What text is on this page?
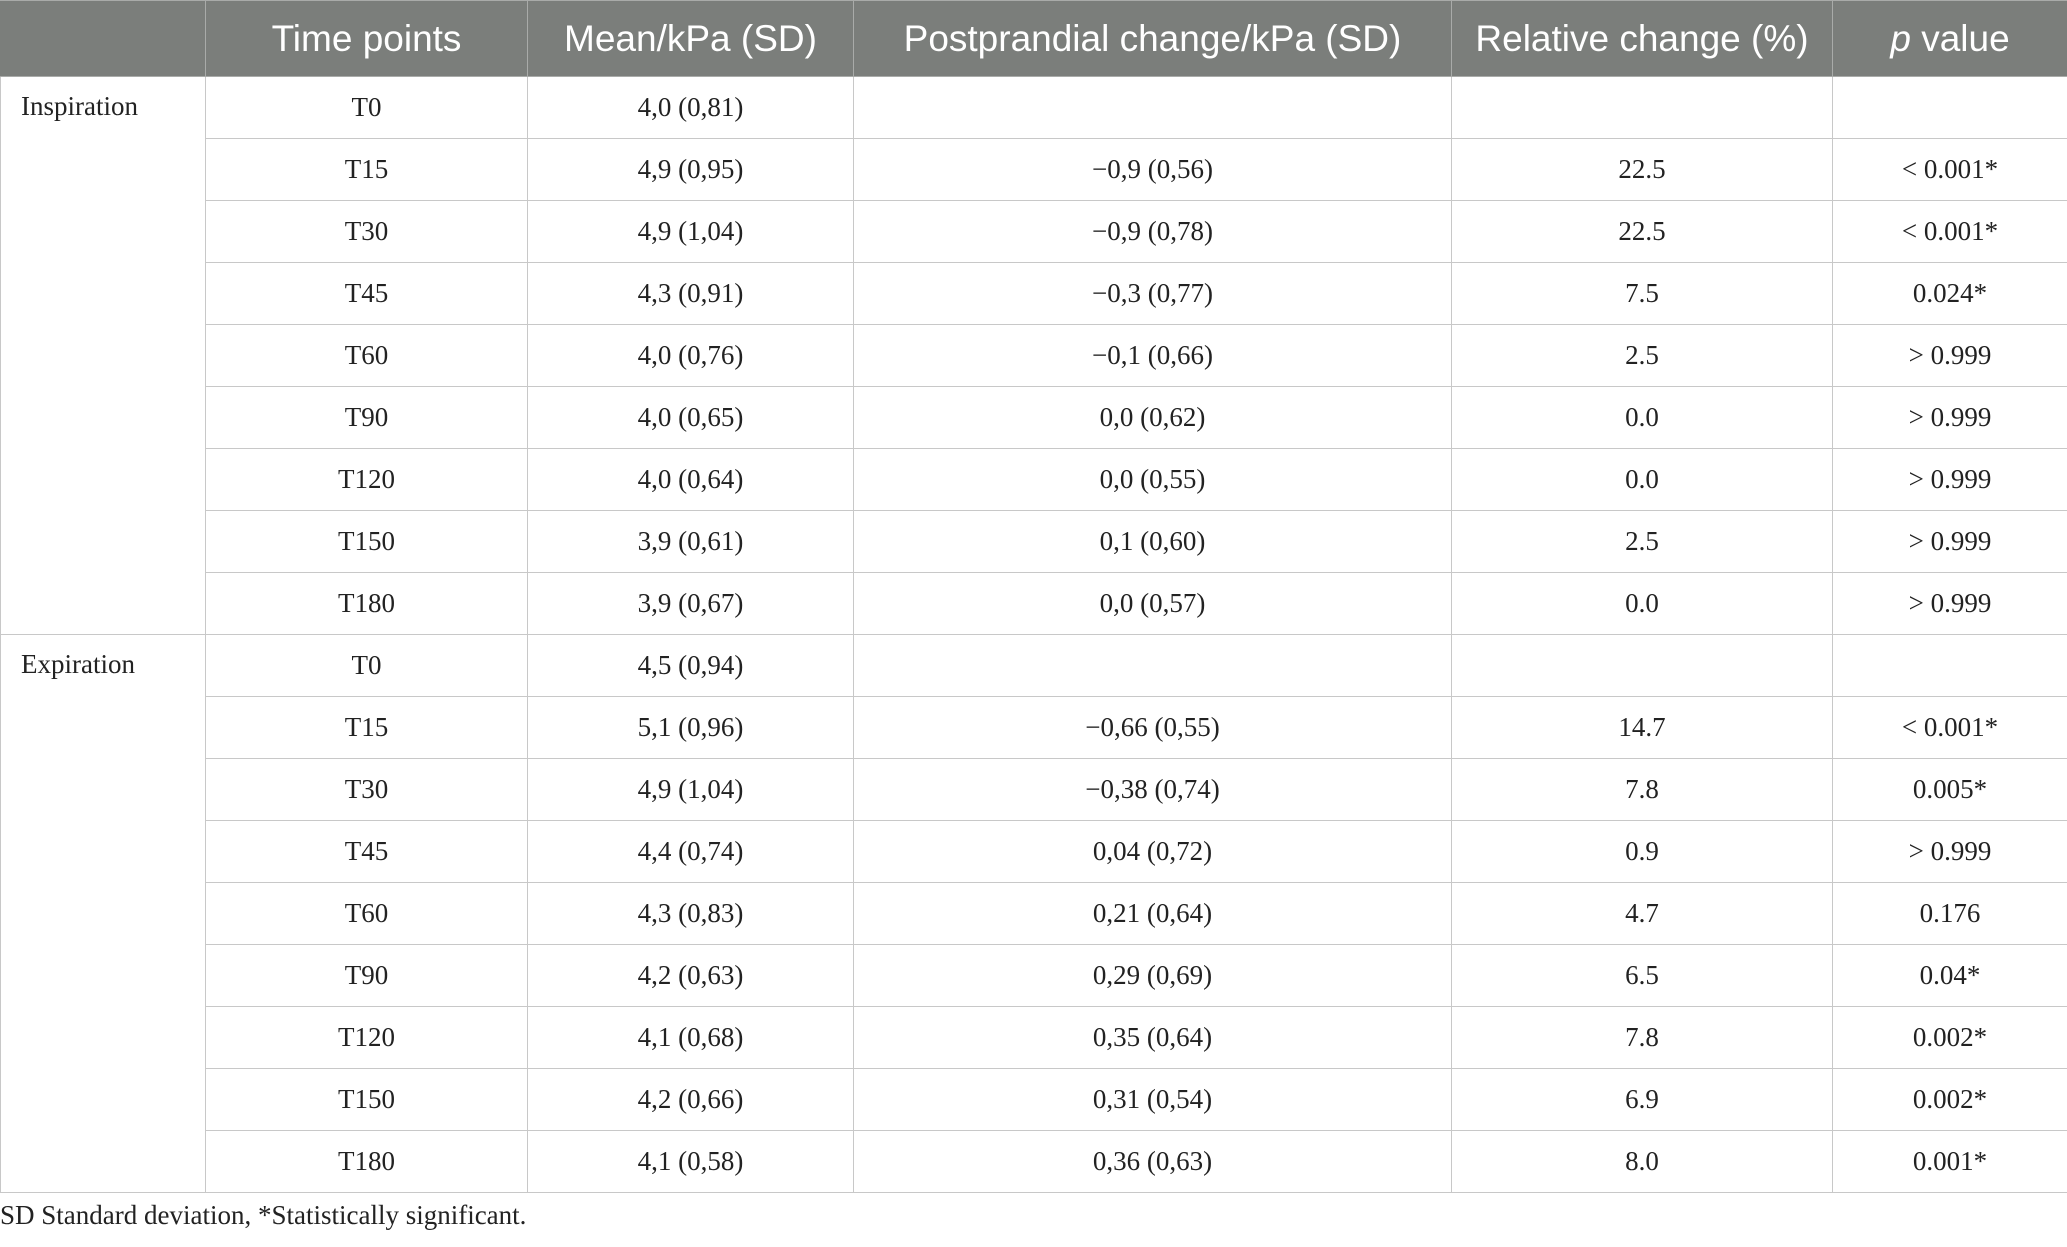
	Time points	Mean/kPa (SD)	Postprandial change/kPa (SD)	Relative change (%)	p value
Inspiration	T0	4,0 (0,81)			
	T15	4,9 (0,95)	−0,9 (0,56)	22.5	< 0.001*
	T30	4,9 (1,04)	−0,9 (0,78)	22.5	< 0.001*
	T45	4,3 (0,91)	−0,3 (0,77)	7.5	0.024*
	T60	4,0 (0,76)	−0,1 (0,66)	2.5	> 0.999
	T90	4,0 (0,65)	0,0 (0,62)	0.0	> 0.999
	T120	4,0 (0,64)	0,0 (0,55)	0.0	> 0.999
	T150	3,9 (0,61)	0,1 (0,60)	2.5	> 0.999
	T180	3,9 (0,67)	0,0 (0,57)	0.0	> 0.999
Expiration	T0	4,5 (0,94)			
	T15	5,1 (0,96)	−0,66 (0,55)	14.7	< 0.001*
	T30	4,9 (1,04)	−0,38 (0,74)	7.8	0.005*
	T45	4,4 (0,74)	0,04 (0,72)	0.9	> 0.999
	T60	4,3 (0,83)	0,21 (0,64)	4.7	0.176
	T90	4,2 (0,63)	0,29 (0,69)	6.5	0.04*
	T120	4,1 (0,68)	0,35 (0,64)	7.8	0.002*
	T150	4,2 (0,66)	0,31 (0,54)	6.9	0.002*
	T180	4,1 (0,58)	0,36 (0,63)	8.0	0.001*
SD Standard deviation, *Statistically significant.
